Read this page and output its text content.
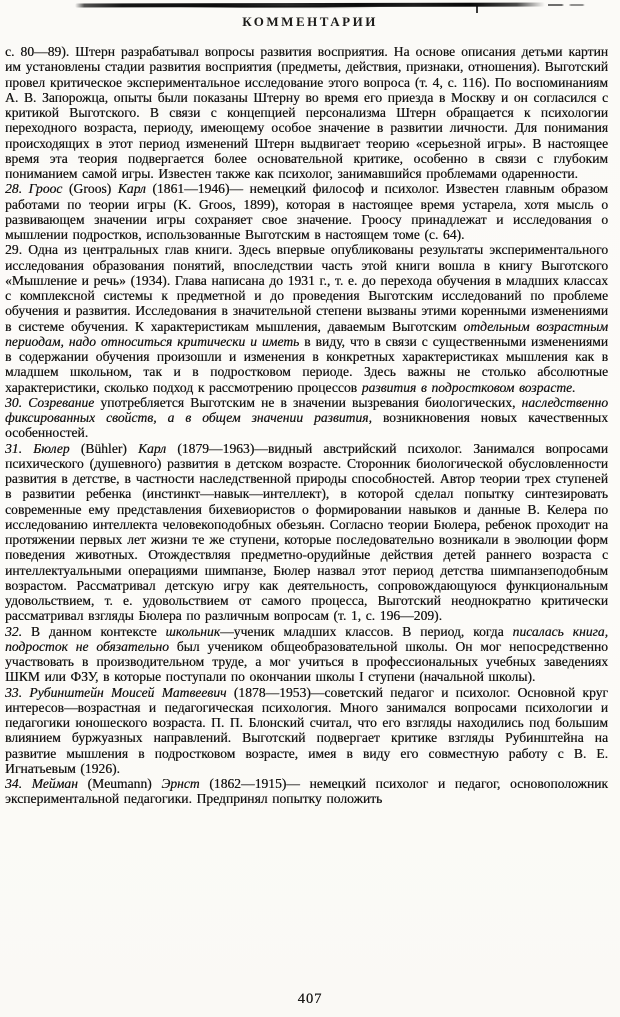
КОММЕНТАРИИ

с. 80—89). Штерн разрабатывал вопросы развития восприятия. На основе описания детьми картин им установлены стадии развития восприятия (предметы, действия, признаки, отношения). Выготский провел критическое экспериментальное исследование этого вопроса (т. 4, с. 116). По воспоминаниям А. В. Запорожца, опыты были показаны Штерну во время его приезда в Москву и он согласился с критикой Выготского. В связи с концепцией персонализма Штерн обращается к психологии переходного возраста, периоду, имеющему особое значение в развитии личности. Для понимания происходящих в этот период изменений Штерн выдвигает теорию «серьезной игры». В настоящее время эта теория подвергается более основательной критике, особенно в связи с глубоким пониманием самой игры. Известен также как психолог, занимавшийся проблемами одаренности.

28. Гроос (Groos) Карл (1861—1946)— немецкий философ и психолог. Известен главным образом работами по теории игры (K. Groos, 1899), которая в настоящее время устарела, хотя мысль о развивающем значении игры сохраняет свое значение. Гроосу принадлежат и исследования о мышлении подростков, использованные Выготским в настоящем томе (с. 64).

29. Одна из центральных глав книги. Здесь впервые опубликованы результаты экспериментального исследования образования понятий, впоследствии часть этой книги вошла в книгу Выготского «Мышление и речь» (1934). Глава написана до 1931 г., т. е. до перехода обучения в младших классах с комплексной системы к предметной и до проведения Выготским исследований по проблеме обучения и развития. Исследования в значительной степени вызваны этими коренными изменениями в системе обучения. К характеристикам мышления, даваемым Выготским отдельным возрастным периодам, надо относиться критически и иметь в виду, что в связи с существенными изменениями в содержании обучения произошли и изменения в конкретных характеристиках мышления как в младшем школьном, так и в подростковом периоде. Здесь важны не столько абсолютные характеристики, сколько подход к рассмотрению процессов развития в подростковом возрасте.

30. Созревание употребляется Выготским не в значении вызревания биологических, наследственно фиксированных свойств, а в общем значении развития, возникновения новых качественных особенностей.

31. Бюлер (Bühler) Карл (1879—1963)—видный австрийский психолог. Занимался вопросами психического (душевного) развития в детском возрасте. Сторонник биологической обусловленности развития в детстве, в частности наследственной природы способностей. Автор теории трех ступеней в развитии ребенка (инстинкт—навык—интеллект), в которой сделал попытку синтезировать современные ему представления бихевиористов о формировании навыков и данные В. Келера по исследованию интеллекта человекоподобных обезьян. Согласно теории Бюлера, ребенок проходит на протяжении первых лет жизни те же ступени, которые последовательно возникали в эволюции форм поведения животных. Отождествляя предметно-орудийные действия детей раннего возраста с интеллектуальными операциями шимпанзе, Бюлер назвал этот период детства шимпанзеподобным возрастом. Рассматривал детскую игру как деятельность, сопровождающуюся функциональным удовольствием, т. е. удовольствием от самого процесса, Выготский неоднократно критически рассматривал взгляды Бюлера по различным вопросам (т. 1, с. 196—209).

32. В данном контексте школьник—ученик младших классов. В период, когда писалась книга, подросток не обязательно был учеником общеобразовательной школы. Он мог непосредственно участвовать в производительном труде, а мог учиться в профессиональных учебных заведениях ШКМ или ФЗУ, в которые поступали по окончании школы I ступени (начальной школы).

33. Рубинштейн Моисей Матвеевич (1878—1953)—советский педагог и психолог. Основной круг интересов—возрастная и педагогическая психология. Много занимался вопросами психологии и педагогики юношеского возраста. П. П. Блонский считал, что его взгляды находились под большим влиянием буржуазных направлений. Выготский подвергает критике взгляды Рубинштейна на развитие мышления в подростковом возрасте, имея в виду его совместную работу с В. Е. Игнатьевым (1926).

34. Мейман (Meumann) Эрнст (1862—1915)— немецкий психолог и педагог, основоположник экспериментальной педагогики. Предпринял попытку положить

407
